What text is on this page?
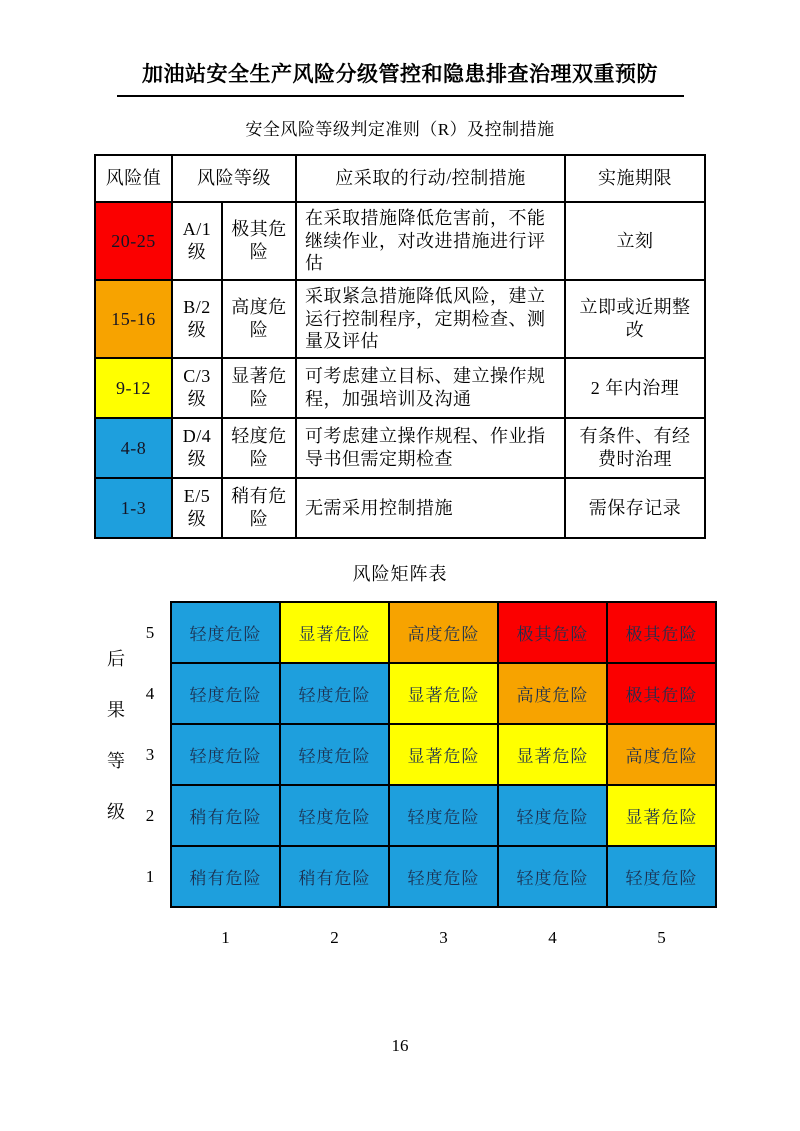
加油站安全生产风险分级管控和隐患排查治理双重预防
安全风险等级判定准则（R）及控制措施
风险值	风险等级		应采取的行动/控制措施	实施期限
20-25	A/1级	极其危险	在采取措施降低危害前，不能继续作业，对改进措施进行评估	立刻
15-16	B/2级	高度危险	采取紧急措施降低风险，建立运行控制程序，定期检查、测量及评估	立即或近期整改
9-12	C/3级	显著危险	可考虑建立目标、建立操作规程，加强培训及沟通	2 年内治理
4-8	D/4级	轻度危险	可考虑建立操作规程、作业指导书但需定期检查	有条件、有经费时治理
1-3	E/5级	稍有危险	无需采用控制措施	需保存记录
风险矩阵表
后果等级
5	轻度危险	显著危险	高度危险	极其危险	极其危险
4	轻度危险	轻度危险	显著危险	高度危险	极其危险
3	轻度危险	轻度危险	显著危险	显著危险	高度危险
2	稍有危险	轻度危险	轻度危险	轻度危险	显著危险
1	稍有危险	稍有危险	轻度危险	轻度危险	轻度危险
	1	2	3	4	5
16
